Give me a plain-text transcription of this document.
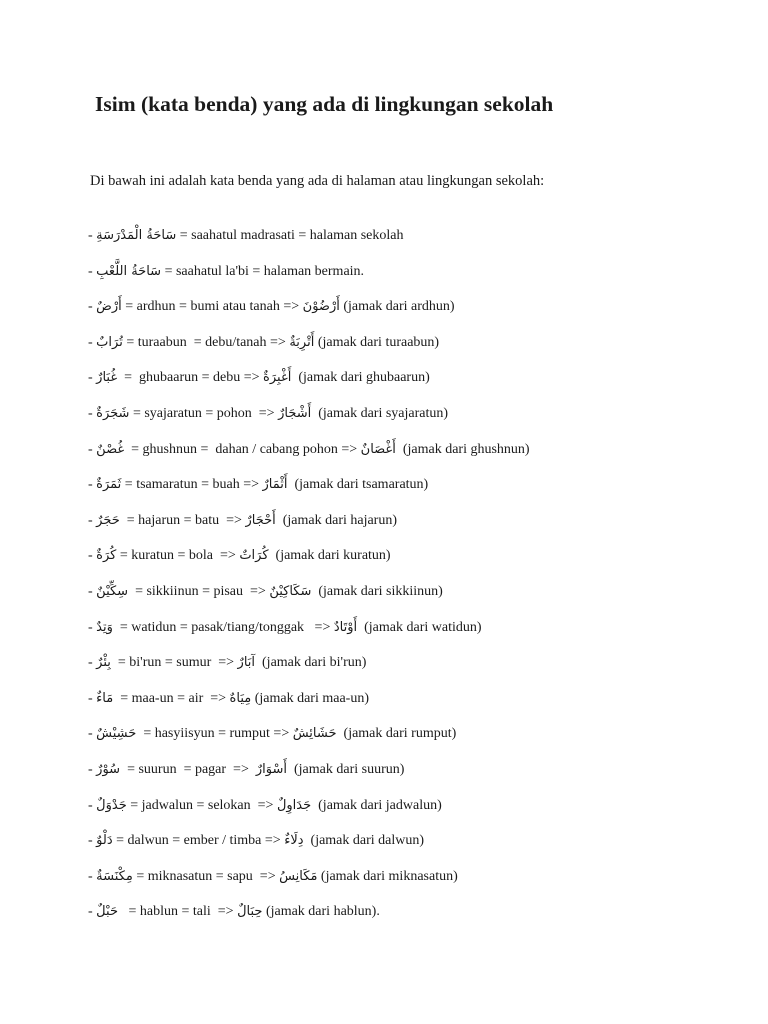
Isim (kata benda) yang ada di lingkungan sekolah

Di bawah ini adalah kata benda yang ada di halaman atau lingkungan sekolah:

- سَاحَةُ الْمَدْرَسَةِ = saahatul madrasati = halaman sekolah
- سَاحَةُ اللَّعْبِ = saahatul la'bi = halaman bermain.
- أَرْضٌ = ardhun = bumi atau tanah => أَرْضُوْنَ (jamak dari ardhun)
- تُرَابٌ = turaabun  = debu/tanah => أَتْرِبَةٌ (jamak dari turaabun)
- غُبَارٌ  =  ghubaarun = debu => أَغْبِرَةٌ  (jamak dari ghubaarun)
- شَجَرَةٌ = syajaratun = pohon  => أَشْجَارٌ  (jamak dari syajaratun)
- غُصْنٌ  = ghushnun =  dahan / cabang pohon => أَغْصَانٌ  (jamak dari ghushnun)
- ثَمَرَةٌ = tsamaratun = buah => أَثْمَارٌ  (jamak dari tsamaratun)
- حَجَرٌ  = hajarun = batu  => أَحْجَارٌ  (jamak dari hajarun)
- كُرَةٌ = kuratun = bola  => كُرَاتٌ  (jamak dari kuratun)
- سِكِّيْنٌ  = sikkiinun = pisau  => سَكَاكِيْنٌ  (jamak dari sikkiinun)
- وَتِدٌ  = watidun = pasak/tiang/tonggak   => أَوْتَادٌ  (jamak dari watidun)
- بِئْرٌ  = bi'run = sumur  => آبَارٌ  (jamak dari bi'run)
- مَاءٌ  = maa-un = air  => مِيَاهٌ (jamak dari maa-un)
- حَشِيْشٌ  = hasyiisyun = rumput => حَشَائِشٌ  (jamak dari rumput)
- سُوْرٌ  = suurun  = pagar  =>  أَسْوَارٌ  (jamak dari suurun)
- جَدْوَلٌ = jadwalun = selokan  => جَدَاوِلٌ  (jamak dari jadwalun)
- دَلْوٌ = dalwun = ember / timba => دِلَاءٌ  (jamak dari dalwun)
- مِكْنَسَةٌ = miknasatun = sapu  => مَكَانِسُ (jamak dari miknasatun)
- حَبْلٌ   = hablun = tali  => حِبَالٌ (jamak dari hablun).
